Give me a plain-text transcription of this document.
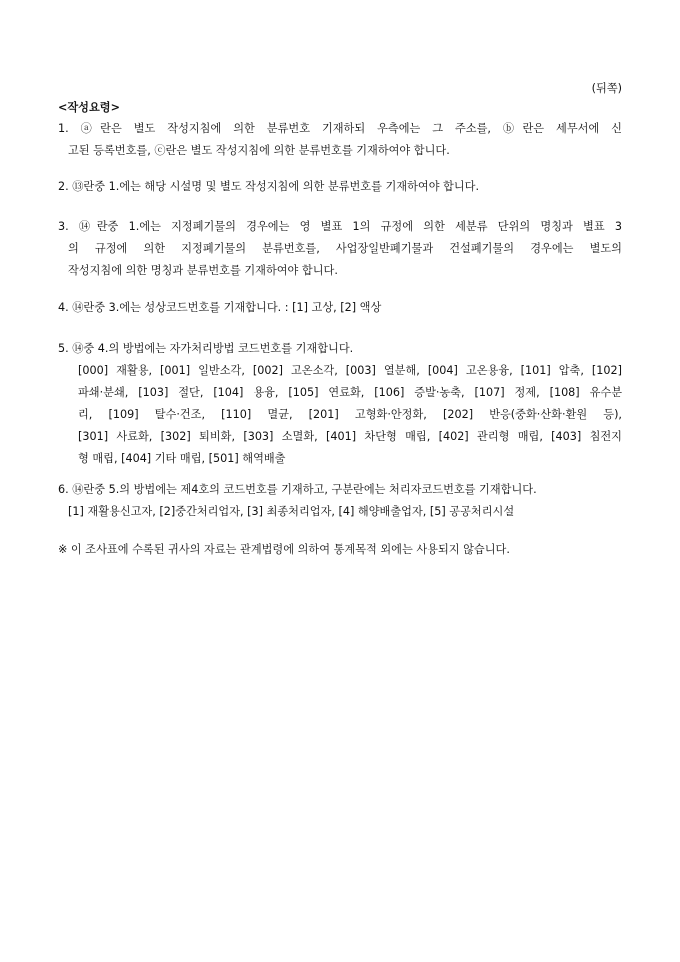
(뒤쪽)
<작성요령>
1. ⓐ란은 별도 작성지침에 의한 분류번호 기재하되 우측에는 그 주소를, ⓑ란은 세무서에 신
고된 등록번호를, ⓒ란은 별도 작성지침에 의한 분류번호를 기재하여야 합니다.
2. ⑬란중 1.에는 해당 시설명 및 별도 작성지침에 의한 분류번호를 기재하여야 합니다.
3. ⑭란중 1.에는 지정폐기물의 경우에는 영 별표 1의 규정에 의한 세분류 단위의 명칭과 별표 3
의 규정에 의한 지정폐기물의 분류번호를, 사업장일반폐기물과 건설폐기물의 경우에는 별도의
작성지침에 의한 명칭과 분류번호를 기재하여야 합니다.
4. ⑭란중 3.에는 성상코드번호를 기재합니다. : [1] 고상, [2] 액상
5. ⑭중 4.의 방법에는 자가처리방법 코드번호를 기재합니다.
[000] 재활용, [001] 일반소각, [002] 고온소각, [003] 열분해, [004] 고온용융, [101] 압축, [102]
파쇄·분쇄, [103] 절단, [104] 용융, [105] 연료화, [106] 증발·농축, [107] 정제, [108] 유수분
리, [109] 탈수·건조, [110] 멸균, [201] 고형화·안정화, [202] 반응(중화·산화·환원 등),
[301] 사료화, [302] 퇴비화, [303] 소멸화, [401] 차단형 매립, [402] 관리형 매립, [403] 침전지
형 매립, [404] 기타 매립, [501] 해역배출
6. ⑭란중 5.의 방법에는 제4호의 코드번호를 기재하고, 구분란에는 처리자코드번호를 기재합니다.
[1] 재활용신고자, [2]중간처리업자, [3] 최종처리업자, [4] 해양배출업자, [5] 공공처리시설
※ 이 조사표에 수록된 귀사의 자료는 관계법령에 의하여 통계목적 외에는 사용되지 않습니다.
